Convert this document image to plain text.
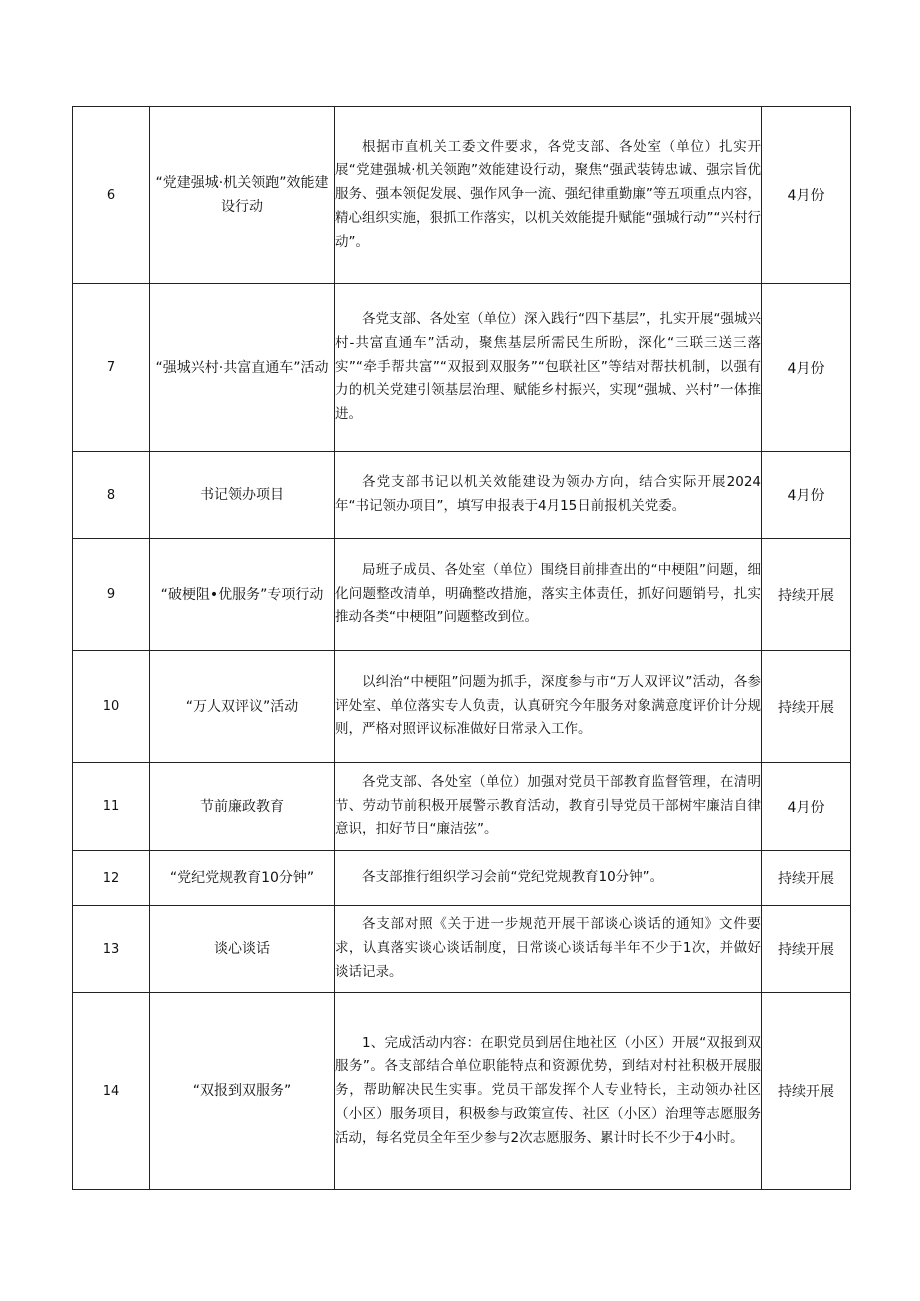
6	“党建强城·机关领跑”效能建设行动	根据市直机关工委文件要求，各党支部、各处室（单位）扎实开展“党建强城·机关领跑”效能建设行动，聚焦“强武装铸忠诚、强宗旨优服务、强本领促发展、强作风争一流、强纪律重勤廉”等五项重点内容，精心组织实施，狠抓工作落实，以机关效能提升赋能“强城行动”“兴村行动”。	4月份
7	“强城兴村·共富直通车”活动	各党支部、各处室（单位）深入践行“四下基层”，扎实开展“强城兴村-共富直通车”活动，聚焦基层所需民生所盼，深化“三联三送三落实”“牵手帮共富”“双报到双服务”“包联社区”等结对帮扶机制，以强有力的机关党建引领基层治理、赋能乡村振兴，实现“强城、兴村”一体推进。	4月份
8	书记领办项目	各党支部书记以机关效能建设为领办方向，结合实际开展2024年“书记领办项目”，填写申报表于4月15日前报机关党委。	4月份
9	“破梗阻•优服务”专项行动	局班子成员、各处室（单位）围绕目前排查出的“中梗阻”问题，细化问题整改清单，明确整改措施，落实主体责任，抓好问题销号，扎实推动各类“中梗阻”问题整改到位。	持续开展
10	“万人双评议”活动	以纠治“中梗阻”问题为抓手，深度参与市“万人双评议”活动，各参评处室、单位落实专人负责，认真研究今年服务对象满意度评价计分规则，严格对照评议标准做好日常录入工作。	持续开展
11	节前廉政教育	各党支部、各处室（单位）加强对党员干部教育监督管理，在清明节、劳动节前积极开展警示教育活动，教育引导党员干部树牢廉洁自律意识，扣好节日“廉洁弦”。	4月份
12	“党纪党规教育10分钟”	各支部推行组织学习会前“党纪党规教育10分钟”。	持续开展
13	谈心谈话	各支部对照《关于进一步规范开展干部谈心谈话的通知》文件要求，认真落实谈心谈话制度，日常谈心谈话每半年不少于1次，并做好谈话记录。	持续开展
14	“双报到双服务”	1、完成活动内容：在职党员到居住地社区（小区）开展“双报到双服务”。各支部结合单位职能特点和资源优势，到结对村社积极开展服务，帮助解决民生实事。党员干部发挥个人专业特长，主动领办社区（小区）服务项目，积极参与政策宣传、社区（小区）治理等志愿服务活动，每名党员全年至少参与2次志愿服务、累计时长不少于4小时。	持续开展
